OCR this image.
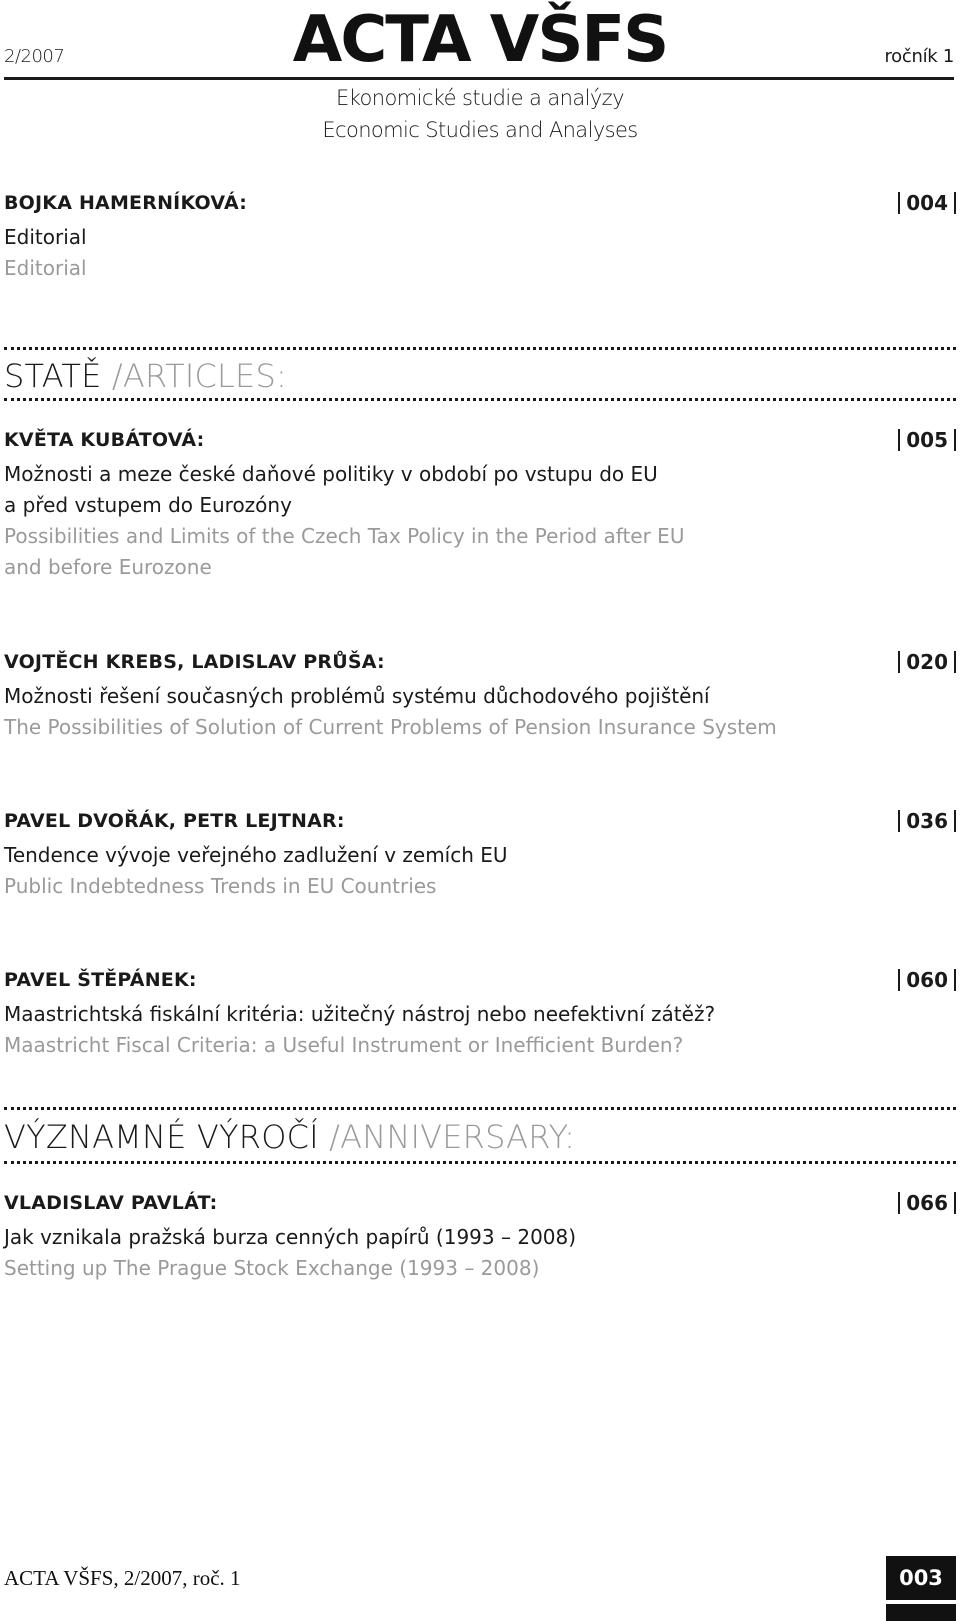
2/2007	ACTA VŠFS	ročník 1
Ekonomické studie a analýzy
Economic Studies and Analyses
BOJKA HAMERNÍKOVÁ:	004
Editorial
Editorial
STATĚ /ARTICLES:
KVĚTA KUBÁTOVÁ:	005
Možnosti a meze české daňové politiky v období po vstupu do EU
a před vstupem do Eurozóny
Possibilities and Limits of the Czech Tax Policy in the Period after EU
and before Eurozone
VOJTĚCH KREBS, LADISLAV PRŮŠA:	020
Možnosti řešení současných problémů systému důchodového pojištění
The Possibilities of Solution of Current Problems of Pension Insurance System
PAVEL DVOŘÁK, PETR LEJTNAR:	036
Tendence vývoje veřejného zadlužení v zemích EU
Public Indebtedness Trends in EU Countries
PAVEL ŠTĚPÁNEK:	060
Maastrichtská fiskální kritéria: užitečný nástroj nebo neefektivní zátěž?
Maastricht Fiscal Criteria: a Useful Instrument or Inefficient Burden?
VÝZNAMNÉ VÝROČÍ /ANNIVERSARY:
VLADISLAV PAVLÁT:	066
Jak vznikala pražská burza cenných papírů (1993 – 2008)
Setting up The Prague Stock Exchange (1993 – 2008)
ACTA VŠFS, 2/2007, roč. 1	003
